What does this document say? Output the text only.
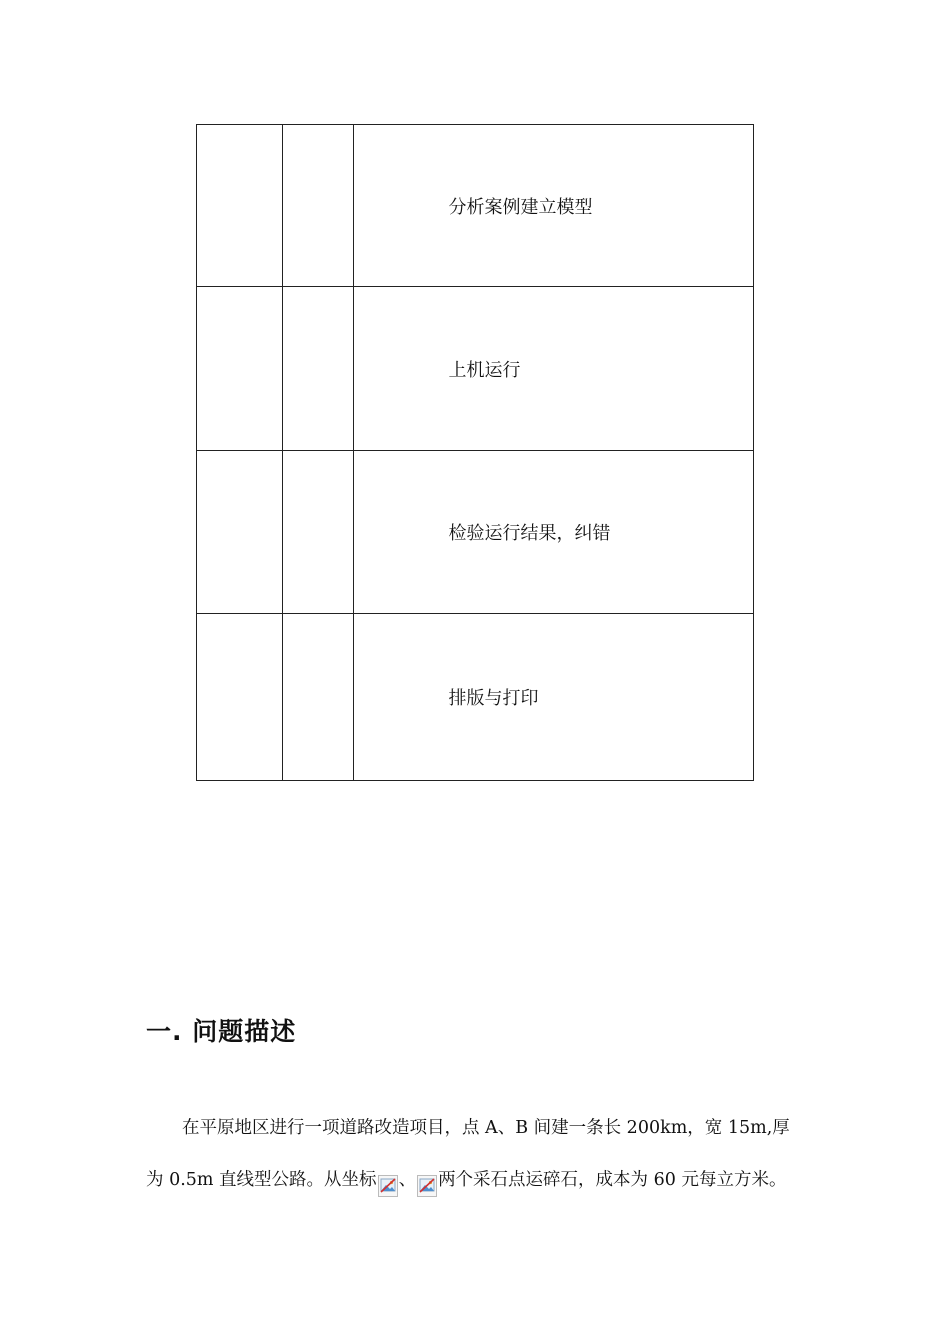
		分析案例建立模型
		上机运行
		检验运行结果，纠错
		排版与打印
一. 问题描述
在平原地区进行一项道路改造项目，点 A、B 间建一条长 200km，宽 15m,厚
为 0.5m 直线型公路。从坐标 、 两个采石点运碎石，成本为 60 元每立方米。
